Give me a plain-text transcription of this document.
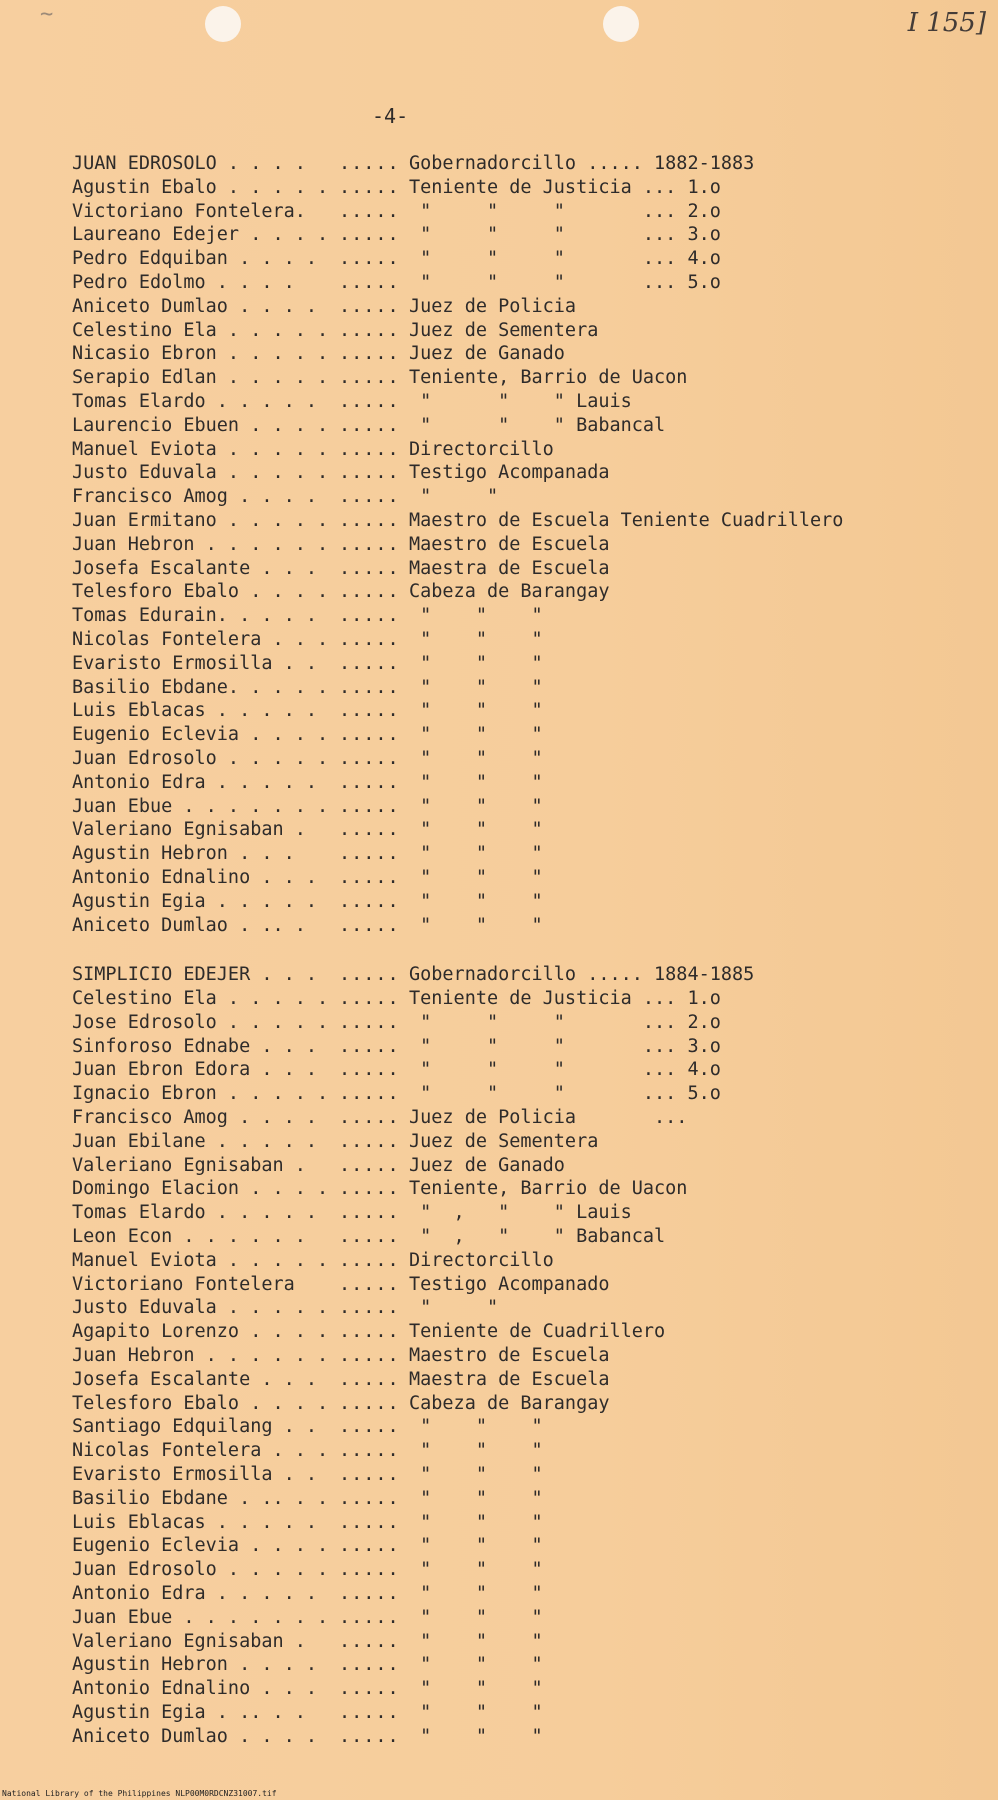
~	I 155]
-4-
JUAN EDROSOLO . . . .	..... Gobernadorcillo ..... 1882-1883
Agustin Ebalo . . . . . ..... Teniente de Justicia ... 1.o
Victoriano Fontelera.	..... "     "     "       ... 2.o
Laureano Edejer . . . . ..... "     "     "       ... 3.o
Pedro Edquiban . . . .	..... "     "     "       ... 4.o
Pedro Edolmo . . . .	..... "     "     "       ... 5.o
Aniceto Dumlao . . . .	..... Juez de Policia
Celestino Ela . . . . . ..... Juez de Sementera
Nicasio Ebron . . . . . ..... Juez de Ganado
Serapio Edlan . . . . . ..... Teniente, Barrio de Uacon
Tomas Elardo . . . . .	..... "      "    " Lauis
Laurencio Ebuen . . . . ..... "      "    " Babancal
Manuel Eviota . . . . . ..... Directorcillo
Justo Eduvala . . . . . ..... Testigo Acompanada
Francisco Amog . . . .	..... "     "
Juan Ermitano . . . . . ..... Maestro de Escuela Teniente Cuadrillero
Juan Hebron . . . . . . ..... Maestro de Escuela
Josefa Escalante . . .	..... Maestra de Escuela
Telesforo Ebalo . . . . ..... Cabeza de Barangay
Tomas Edurain. . . . .	..... "    "    "
Nicolas Fontelera . . . ..... "    "    "
Evaristo Ermosilla . .	..... "    "    "
Basilio Ebdane. . . . . ..... "    "    "
Luis Eblacas . . . . .	..... "    "    "
Eugenio Eclevia . . . . ..... "    "    "
Juan Edrosolo . . . . . ..... "    "    "
Antonio Edra . . . . .	..... "    "    "
Juan Ebue . . . . . . . ..... "    "    "
Valeriano Egnisaban .	..... "    "    "
Agustin Hebron . . .	..... "    "    "
Antonio Ednalino . . .	..... "    "    "
Agustin Egia . . . . .	..... "    "    "
Aniceto Dumlao . .. .	..... "    "    "
SIMPLICIO EDEJER . . .	..... Gobernadorcillo ..... 1884-1885
Celestino Ela . . . . . ..... Teniente de Justicia ... 1.o
Jose Edrosolo . . . . . ..... "     "     "       ... 2.o
Sinforoso Ednabe . . .	..... "     "     "       ... 3.o
Juan Ebron Edora . . .	..... "     "     "       ... 4.o
Ignacio Ebron . . . . . ..... "     "     "       ... 5.o
Francisco Amog . . . .	..... Juez de Policia       ...
Juan Ebilane . . . . .	..... Juez de Sementera
Valeriano Egnisaban .	..... Juez de Ganado
Domingo Elacion . . . . ..... Teniente, Barrio de Uacon
Tomas Elardo . . . . .	..... "  ,   "    " Lauis
Leon Econ . . . . . .	..... "  ,   "    " Babancal
Manuel Eviota . . . . . ..... Directorcillo
Victoriano Fontelera	..... Testigo Acompanado
Justo Eduvala . . . . . ..... "     "
Agapito Lorenzo . . . . ..... Teniente de Cuadrillero
Juan Hebron . . . . . . ..... Maestro de Escuela
Josefa Escalante . . .	..... Maestra de Escuela
Telesforo Ebalo . . . . ..... Cabeza de Barangay
Santiago Edquilang . .	..... "    "    "
Nicolas Fontelera . . . ..... "    "    "
Evaristo Ermosilla . .	..... "    "    "
Basilio Ebdane . .. . . ..... "    "    "
Luis Eblacas . . . . .	..... "    "    "
Eugenio Eclevia . . . . ..... "    "    "
Juan Edrosolo . . . . . ..... "    "    "
Antonio Edra . . . . .	..... "    "    "
Juan Ebue . . . . . . . ..... "    "    "
Valeriano Egnisaban .	..... "    "    "
Agustin Hebron . . . .	..... "    "    "
Antonio Ednalino . . .	..... "    "    "
Agustin Egia . .. . .	..... "    "    "
Aniceto Dumlao . . . .	..... "    "    "
National Library of the Philippines NLP00M0RDCNZ31007.tif
